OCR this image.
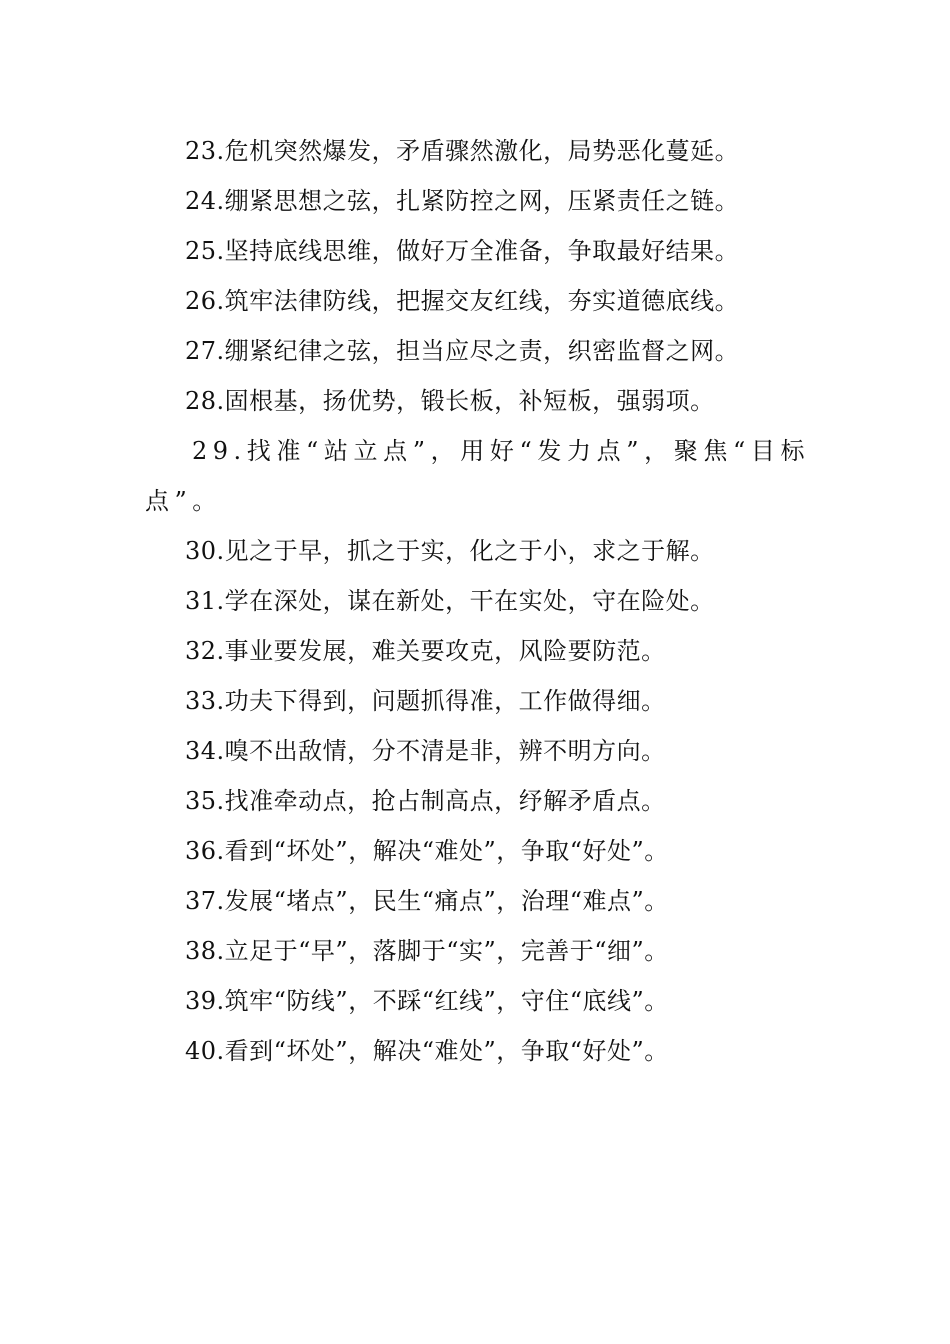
23.危机突然爆发，矛盾骤然激化，局势恶化蔓延。
24.绷紧思想之弦，扎紧防控之网，压紧责任之链。
25.坚持底线思维，做好万全准备，争取最好结果。
26.筑牢法律防线，把握交友红线，夯实道德底线。
27.绷紧纪律之弦，担当应尽之责，织密监督之网。
28.固根基，扬优势，锻长板，补短板，强弱项。
29.找准“站立点”，用好“发力点”，聚焦“目标点”。
30.见之于早，抓之于实，化之于小，求之于解。
31.学在深处，谋在新处，干在实处，守在险处。
32.事业要发展，难关要攻克，风险要防范。
33.功夫下得到，问题抓得准，工作做得细。
34.嗅不出敌情，分不清是非，辨不明方向。
35.找准牵动点，抢占制高点，纾解矛盾点。
36.看到“坏处”，解决“难处”，争取“好处”。
37.发展“堵点”，民生“痛点”，治理“难点”。
38.立足于“早”，落脚于“实”，完善于“细”。
39.筑牢“防线”，不踩“红线”，守住“底线”。
40.看到“坏处”，解决“难处”，争取“好处”。
